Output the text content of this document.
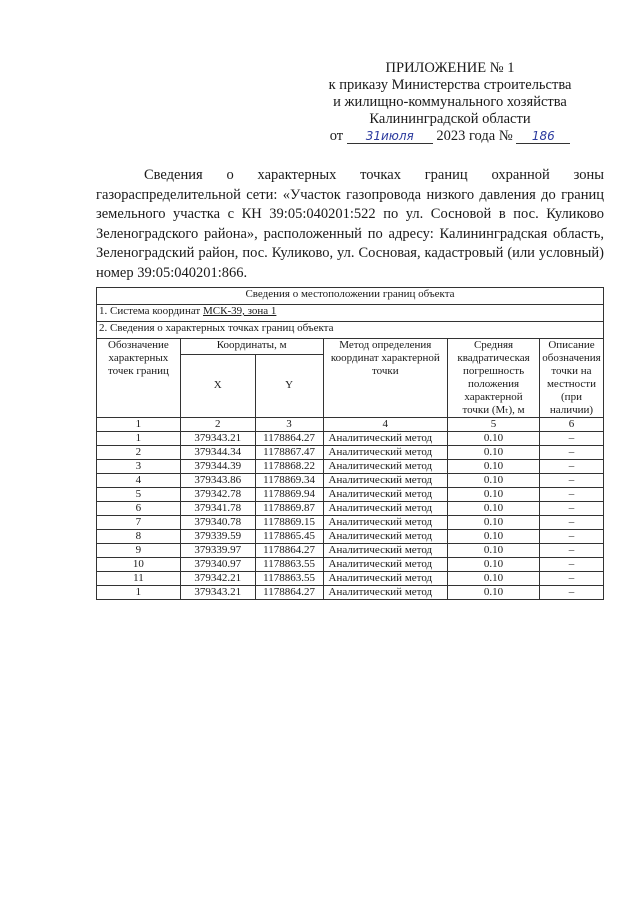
ПРИЛОЖЕНИЕ № 1
к приказу Министерства строительства
и жилищно-коммунального хозяйства
Калининградской области
от 31июля 2023 года № 186
Сведения о характерных точках границ охранной зоны газораспределительной сети: «Участок газопровода низкого давления до границ земельного участка с КН 39:05:040201:522 по ул. Сосновой в пос. Куликово Зеленоградского района», расположенный по адресу: Калининградская область, Зеленоградский район, пос. Куликово, ул. Сосновая, кадастровый (или условный) номер 39:05:040201:866.
Сведения о местоположении границ объекта					
1. Система координат МСК-39, зона 1					
2. Сведения о характерных точках границ объекта					
Обозначение характерных точек границ	Координаты, м		Метод определения координат характерной точки	Средняя квадратическая погрешность положения характерной точки (Mₜ), м	Описание обозначения точки на местности (при наличии)
	X	Y			
1	2	3	4	5	6
1	379343.21	1178864.27	Аналитический метод	0.10	–
2	379344.34	1178867.47	Аналитический метод	0.10	–
3	379344.39	1178868.22	Аналитический метод	0.10	–
4	379343.86	1178869.34	Аналитический метод	0.10	–
5	379342.78	1178869.94	Аналитический метод	0.10	–
6	379341.78	1178869.87	Аналитический метод	0.10	–
7	379340.78	1178869.15	Аналитический метод	0.10	–
8	379339.59	1178865.45	Аналитический метод	0.10	–
9	379339.97	1178864.27	Аналитический метод	0.10	–
10	379340.97	1178863.55	Аналитический метод	0.10	–
11	379342.21	1178863.55	Аналитический метод	0.10	–
1	379343.21	1178864.27	Аналитический метод	0.10	–
